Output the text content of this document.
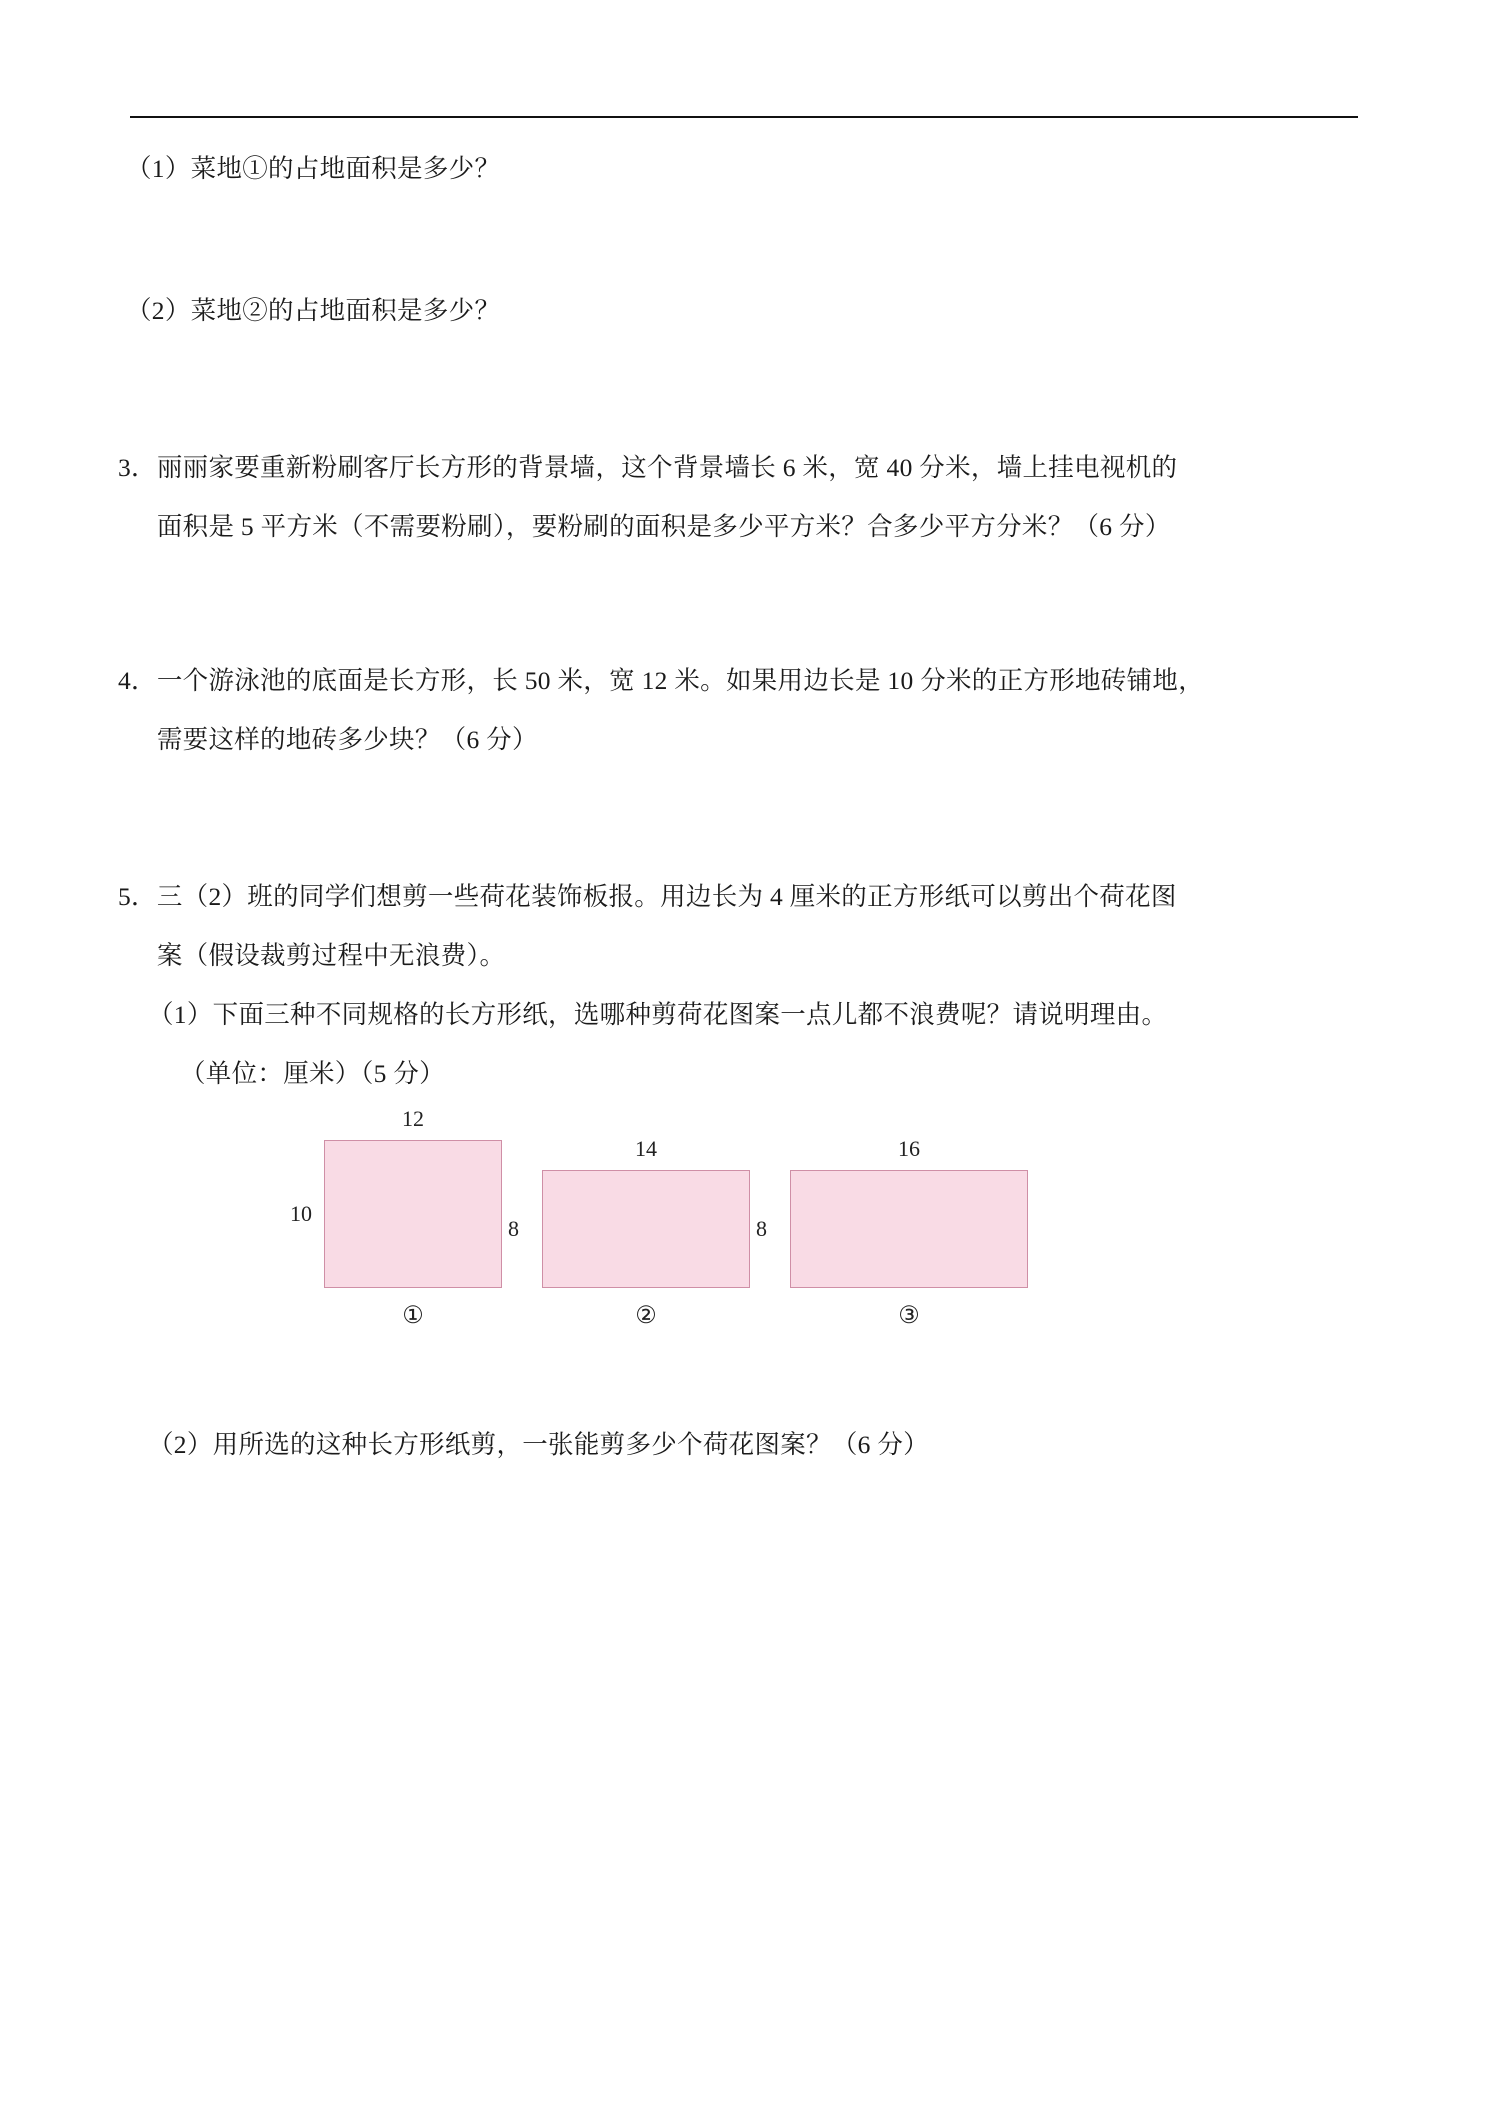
（1）菜地①的占地面积是多少？
（2）菜地②的占地面积是多少？
3． 丽丽家要重新粉刷客厅长方形的背景墙，这个背景墙长 6 米，宽 40 分米，墙上挂电视机的
面积是 5 平方米（不需要粉刷），要粉刷的面积是多少平方米？合多少平方分米？（6 分）
4． 一个游泳池的底面是长方形，长 50 米，宽 12 米。如果用边长是 10 分米的正方形地砖铺地，
需要这样的地砖多少块？（6 分）
5． 三（2）班的同学们想剪一些荷花装饰板报。用边长为 4 厘米的正方形纸可以剪出个荷花图
案（假设裁剪过程中无浪费）。
（1）下面三种不同规格的长方形纸，选哪种剪荷花图案一点儿都不浪费呢？请说明理由。
（单位：厘米）（5 分）
12
10
①
14
8
②
16
8
③
（2）用所选的这种长方形纸剪，一张能剪多少个荷花图案？（6 分）
